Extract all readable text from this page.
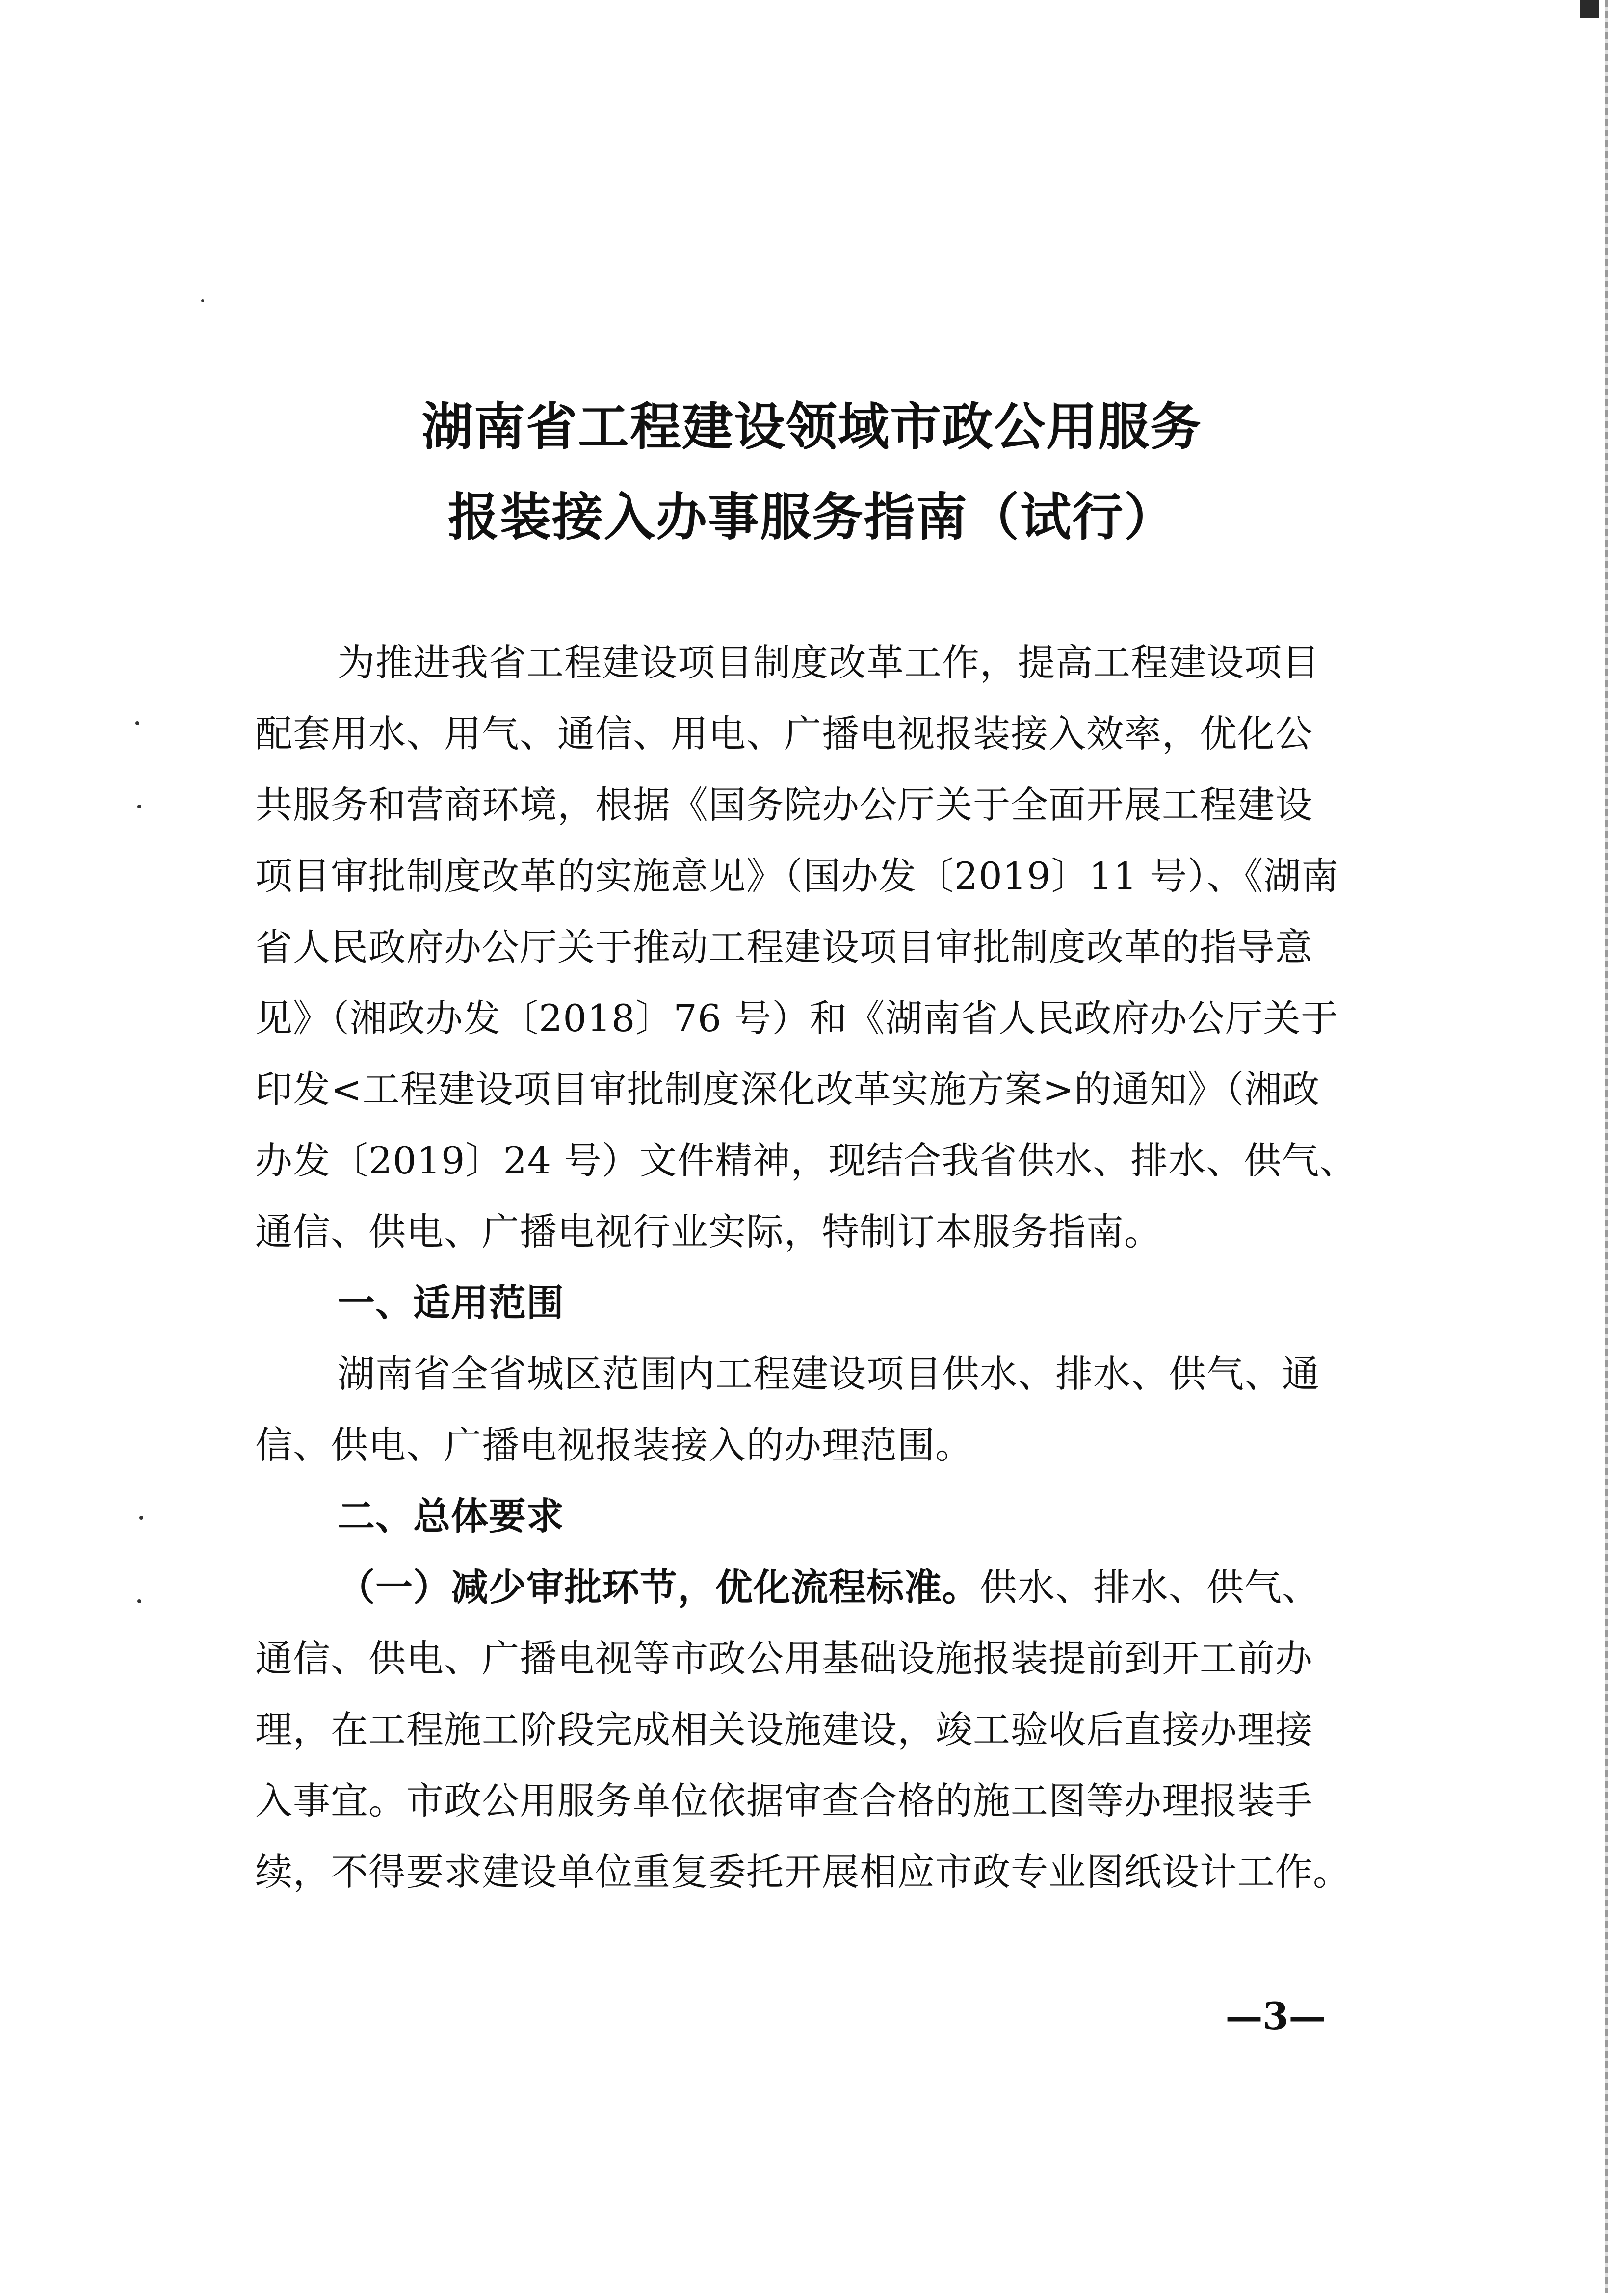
湖南省工程建设领域市政公用服务
报装接入办事服务指南（试行）
为推进我省工程建设项目制度改革工作，提高工程建设项目
配套用水、用气、通信、用电、广播电视报装接入效率，优化公
共服务和营商环境，根据《国务院办公厅关于全面开展工程建设
项目审批制度改革的实施意见》（国办发〔2019〕11 号）、《湖南
省人民政府办公厅关于推动工程建设项目审批制度改革的指导意
见》（湘政办发〔2018〕76 号）和《湖南省人民政府办公厅关于
印发<工程建设项目审批制度深化改革实施方案>的通知》（湘政
办发〔2019〕24 号）文件精神，现结合我省供水、排水、供气、
通信、供电、广播电视行业实际，特制订本服务指南。
一、适用范围
湖南省全省城区范围内工程建设项目供水、排水、供气、通
信、供电、广播电视报装接入的办理范围。
二、总体要求
（一）减少审批环节，优化流程标准。供水、排水、供气、
通信、供电、广播电视等市政公用基础设施报装提前到开工前办
理，在工程施工阶段完成相关设施建设，竣工验收后直接办理接
入事宜。市政公用服务单位依据审查合格的施工图等办理报装手
续，不得要求建设单位重复委托开展相应市政专业图纸设计工作。
—3—
